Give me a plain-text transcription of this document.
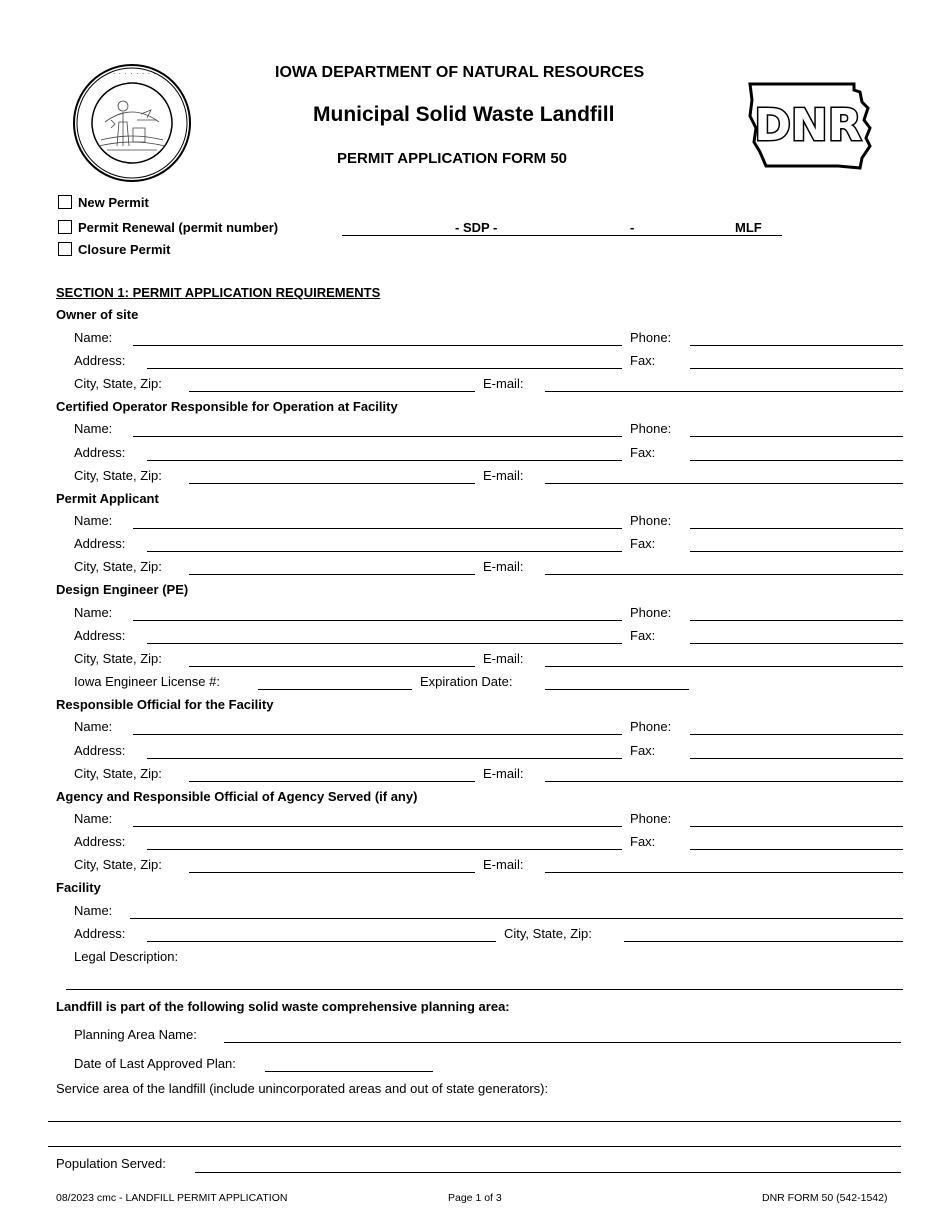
· · · · · · · · · · ·	IOWA DEPARTMENT OF NATURAL RESOURCES
Municipal Solid Waste Landfill
PERMIT APPLICATION FORM 50
DNR
New Permit
Permit Renewal (permit number)	- SDP -	-	MLF
Closure Permit
SECTION 1: PERMIT APPLICATION REQUIREMENTS
Owner of site
Name:	Phone:
Address:	Fax:
City, State, Zip:	E-mail:
Certified Operator Responsible for Operation at Facility
Name:	Phone:
Address:	Fax:
City, State, Zip:	E-mail:
Permit Applicant
Name:	Phone:
Address:	Fax:
City, State, Zip:	E-mail:
Design Engineer (PE)
Name:	Phone:
Address:	Fax:
City, State, Zip:	E-mail:
Iowa Engineer License #:	Expiration Date:
Responsible Official for the Facility
Name:	Phone:
Address:	Fax:
City, State, Zip:	E-mail:
Agency and Responsible Official of Agency Served (if any)
Name:	Phone:
Address:	Fax:
City, State, Zip:	E-mail:
Facility
Name:
Address:	City, State, Zip:
Legal Description:
Landfill is part of the following solid waste comprehensive planning area:
Planning Area Name:
Date of Last Approved Plan:
Service area of the landfill (include unincorporated areas and out of state generators):
Population Served:
08/2023 cmc - LANDFILL PERMIT APPLICATION	Page 1 of 3	DNR FORM 50 (542-1542)
